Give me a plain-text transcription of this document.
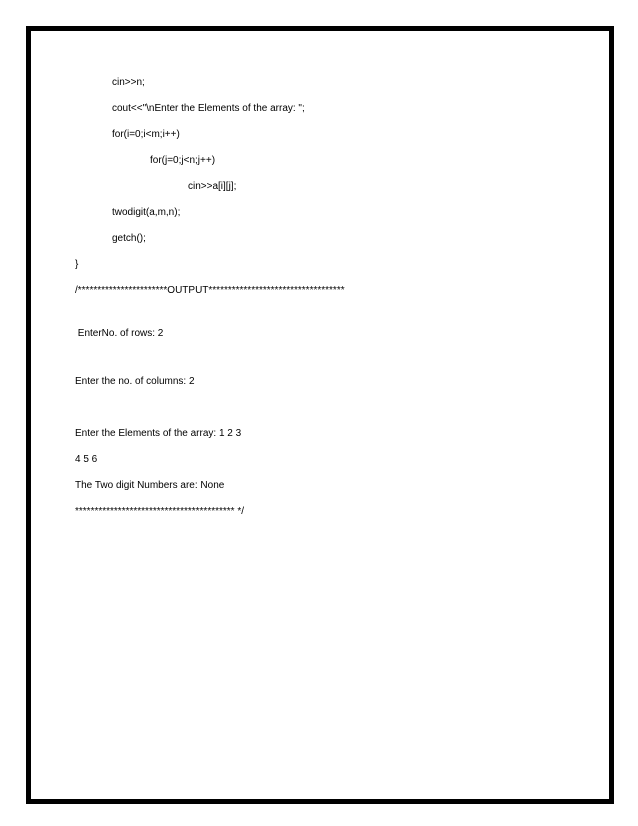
cin>>n;
cout<<"\nEnter the Elements of the array: ";
for(i=0;i<m;i++)
for(j=0;j<n;j++)
cin>>a[i][j];
twodigit(a,m,n);
getch();
}
/***********************OUTPUT***********************************
EnterNo. of rows: 2
Enter the no. of columns: 2
Enter the Elements of the array: 1 2 3
4 5 6
The Two digit Numbers are: None
***************************************** */
